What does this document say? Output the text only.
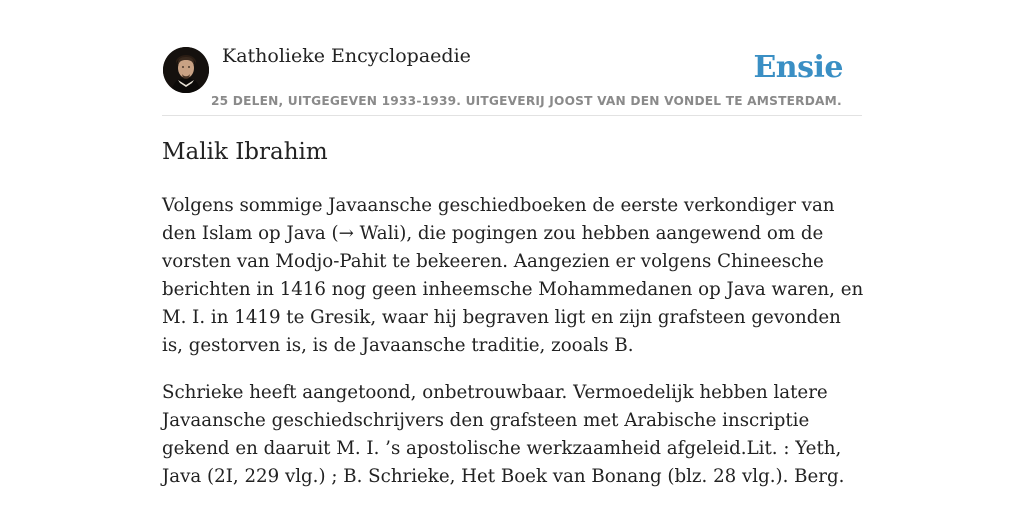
Katholieke Encyclopaedie	Ensie
25 DELEN, UITGEGEVEN 1933-1939. UITGEVERIJ JOOST VAN DEN VONDEL TE AMSTERDAM.
Malik Ibrahim

Volgens sommige Javaansche geschiedboeken de eerste verkondiger van den Islam op Java (→ Wali), die pogingen zou hebben aangewend om de vorsten van Modjo-Pahit te bekeeren. Aangezien er volgens Chineesche berichten in 1416 nog geen inheemsche Mohammedanen op Java waren, en M. I. in 1419 te Gresik, waar hij begraven ligt en zijn grafsteen gevonden is, gestorven is, is de Javaansche traditie, zooals B.

Schrieke heeft aangetoond, onbetrouwbaar. Vermoedelijk hebben latere Javaansche geschiedschrijvers den grafsteen met Arabische inscriptie gekend en daaruit M. I. ’s apostolische werkzaamheid afgeleid.Lit. : Yeth, Java (2I, 229 vlg.) ; B. Schrieke, Het Boek van Bonang (blz. 28 vlg.). Berg.
